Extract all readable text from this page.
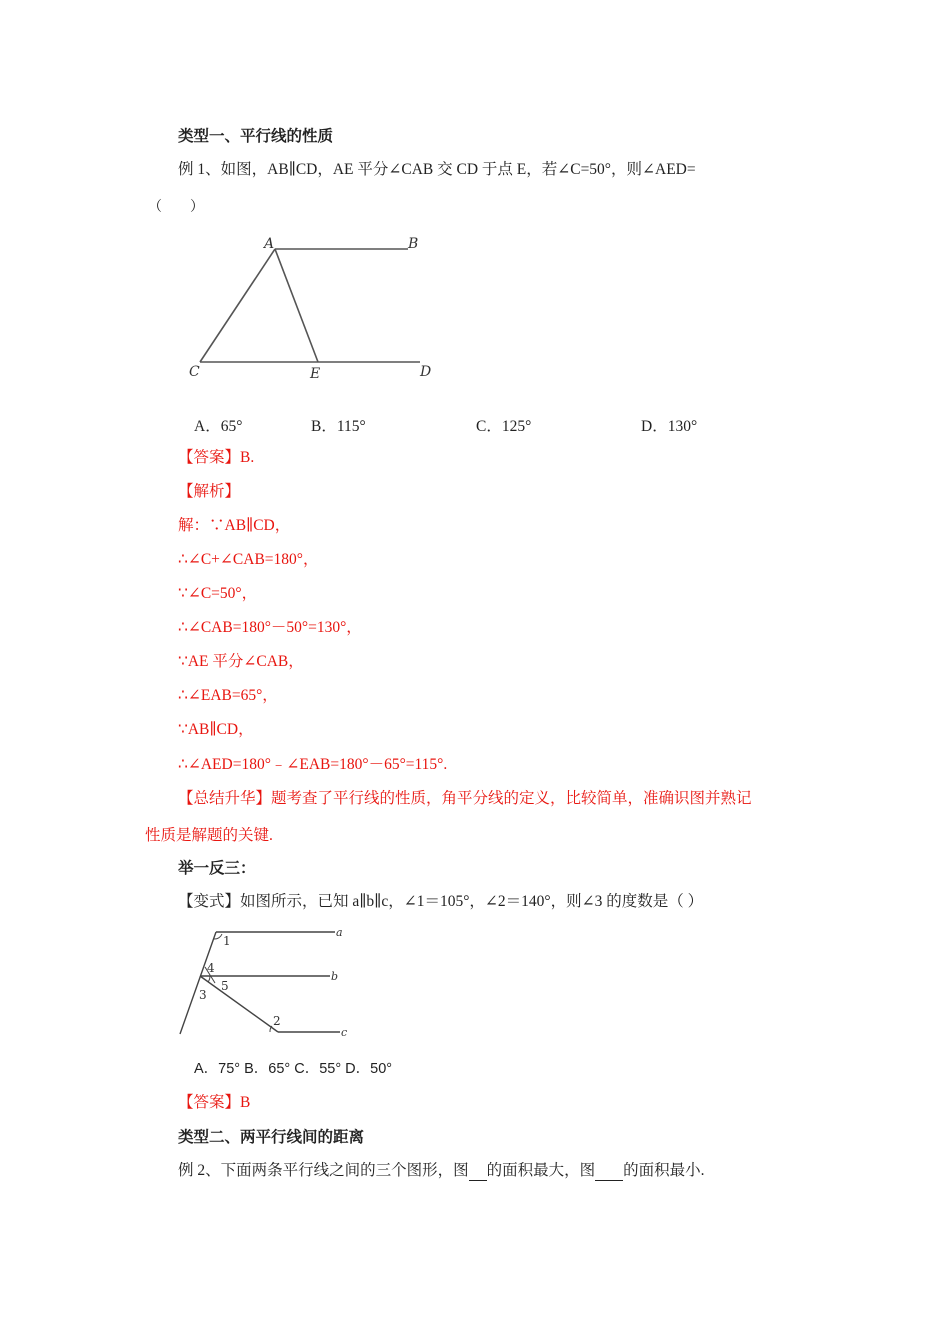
类型一、平行线的性质
例 1、如图，AB∥CD，AE 平分∠CAB 交 CD 于点 E，若∠C=50°，则∠AED=
（　　）
A	B
C	E	D
A．65°	B．115°	C．125°	D．130°
【答案】B.
【解析】
解：∵AB∥CD，
∴∠C+∠CAB=180°，
∵∠C=50°，
∴∠CAB=180°－50°=130°，
∵AE 平分∠CAB，
∴∠EAB=65°，
∵AB∥CD，
∴∠AED=180°﹣∠EAB=180°－65°=115°.
【总结升华】题考查了平行线的性质，角平分线的定义，比较简单，准确识图并熟记
性质是解题的关键.
举一反三：
【变式】如图所示，已知 a∥b∥c，∠1＝105°，∠2＝140°，则∠3 的度数是（ ）
a
b
c
1
2
3
4
5
A．75° B．65° C．55° D．50°
【答案】B
类型二、两平行线间的距离
例 2、下面两条平行线之间的三个图形，图 的面积最大，图 的面积最小.
